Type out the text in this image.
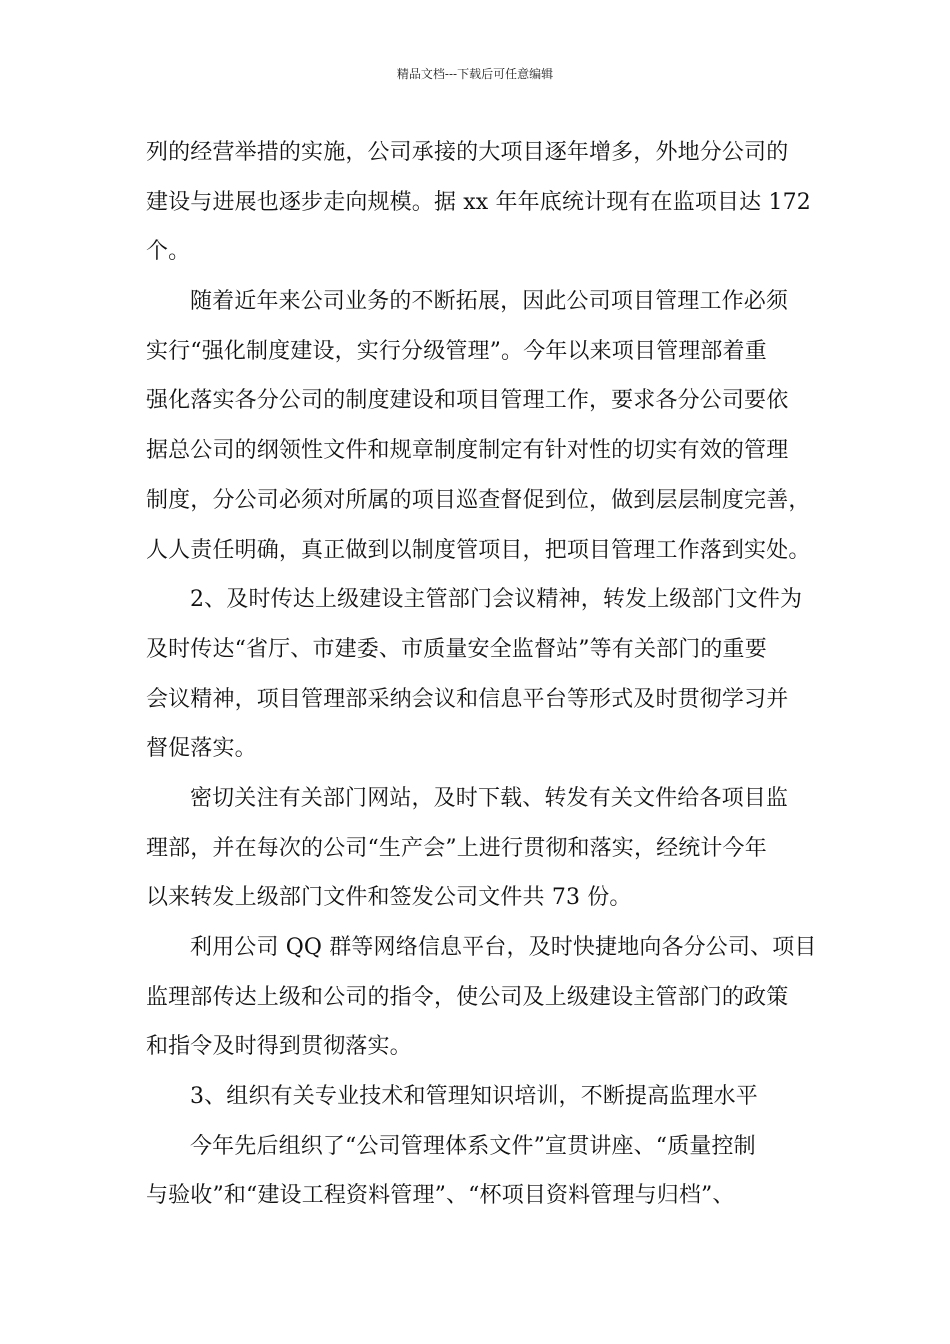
精品文档---下载后可任意编辑
列的经营举措的实施，公司承接的大项目逐年增多，外地分公司的
建设与进展也逐步走向规模。据 xx 年年底统计现有在监项目达 172
个。
随着近年来公司业务的不断拓展，因此公司项目管理工作必须
实行“强化制度建设，实行分级管理”。今年以来项目管理部着重
强化落实各分公司的制度建设和项目管理工作，要求各分公司要依
据总公司的纲领性文件和规章制度制定有针对性的切实有效的管理
制度，分公司必须对所属的项目巡查督促到位，做到层层制度完善，
人人责任明确，真正做到以制度管项目，把项目管理工作落到实处。
2、及时传达上级建设主管部门会议精神，转发上级部门文件为
及时传达“省厅、市建委、市质量安全监督站”等有关部门的重要
会议精神，项目管理部采纳会议和信息平台等形式及时贯彻学习并
督促落实。
密切关注有关部门网站，及时下载、转发有关文件给各项目监
理部，并在每次的公司“生产会”上进行贯彻和落实，经统计今年
以来转发上级部门文件和签发公司文件共 73 份。
利用公司 QQ 群等网络信息平台，及时快捷地向各分公司、项目
监理部传达上级和公司的指令，使公司及上级建设主管部门的政策
和指令及时得到贯彻落实。
3、组织有关专业技术和管理知识培训，不断提高监理水平
今年先后组织了“公司管理体系文件”宣贯讲座、“质量控制
与验收”和“建设工程资料管理”、“杯项目资料管理与归档”、
